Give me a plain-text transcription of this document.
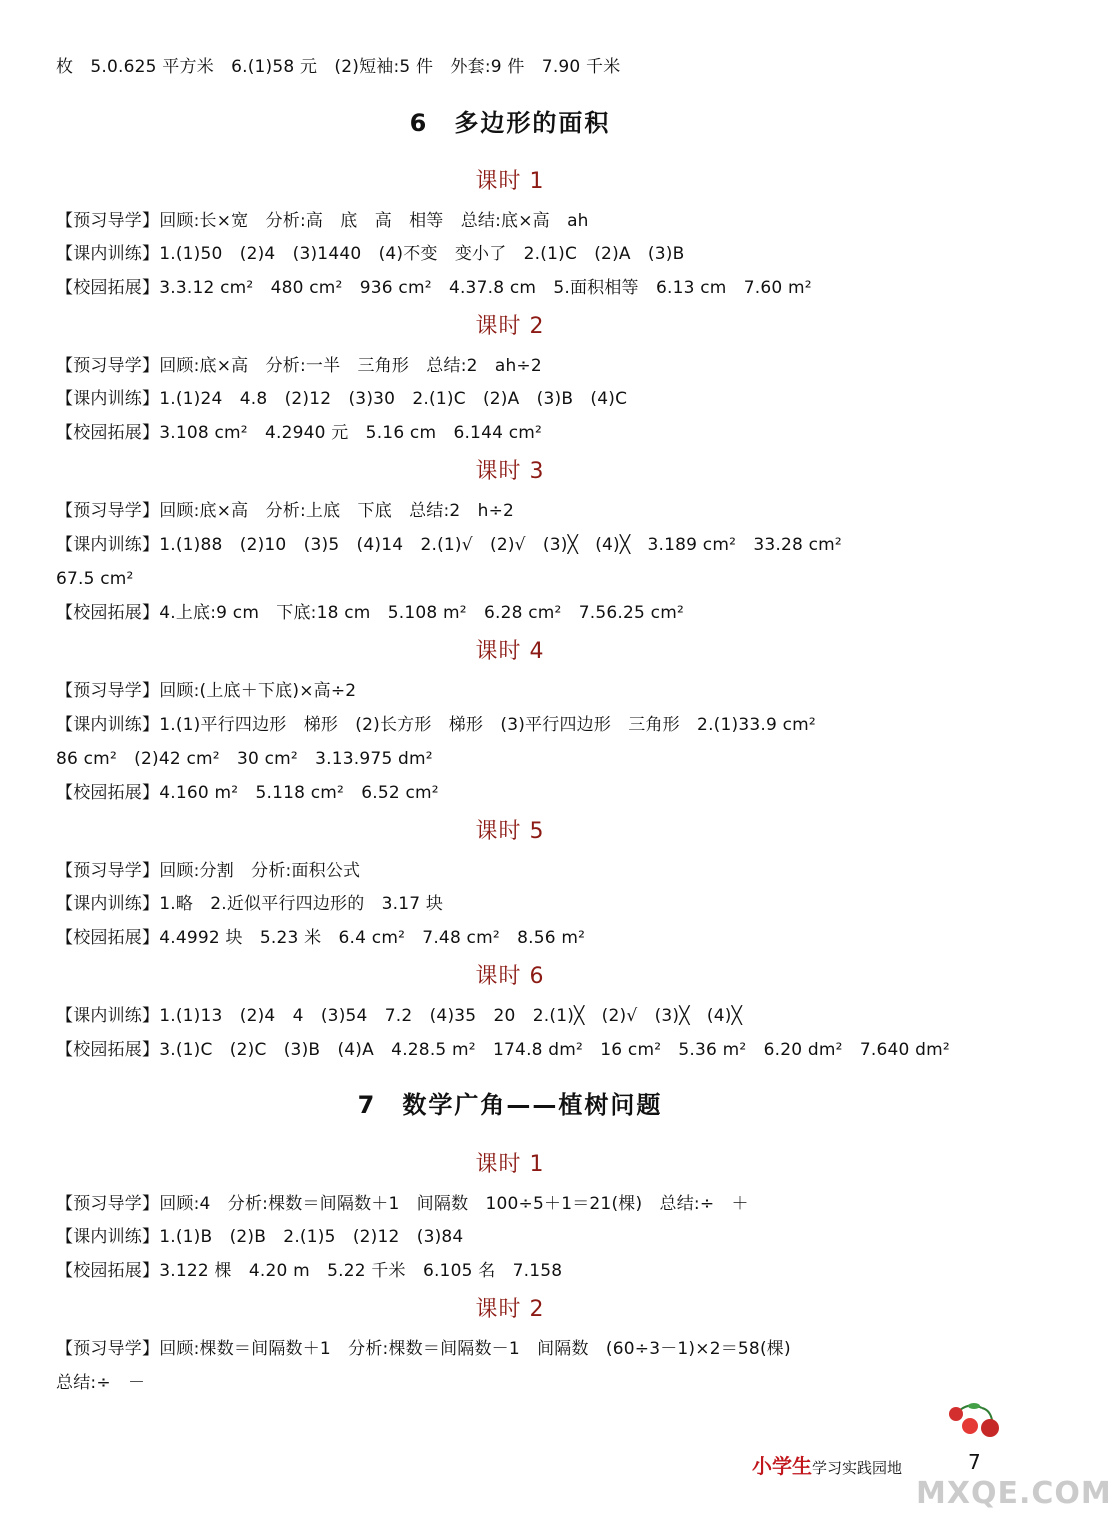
枚　5.0.625 平方米　6.(1)58 元　(2)短袖:5 件　外套:9 件　7.90 千米
6　多边形的面积
课时 1
【预习导学】回顾:长×宽　分析:高　底　高　相等　总结:底×高　ah
【课内训练】1.(1)50　(2)4　(3)1440　(4)不变　变小了　2.(1)C　(2)A　(3)B
【校园拓展】3.3.12 cm²　480 cm²　936 cm²　4.37.8 cm　5.面积相等　6.13 cm　7.60 m²
课时 2
【预习导学】回顾:底×高　分析:一半　三角形　总结:2　ah÷2
【课内训练】1.(1)24　4.8　(2)12　(3)30　2.(1)C　(2)A　(3)B　(4)C
【校园拓展】3.108 cm²　4.2940 元　5.16 cm　6.144 cm²
课时 3
【预习导学】回顾:底×高　分析:上底　下底　总结:2　h÷2
【课内训练】1.(1)88　(2)10　(3)5　(4)14　2.(1)√　(2)√　(3)╳　(4)╳　3.189 cm²　33.28 cm²
67.5 cm²
【校园拓展】4.上底:9 cm　下底:18 cm　5.108 m²　6.28 cm²　7.56.25 cm²
课时 4
【预习导学】回顾:(上底＋下底)×高÷2
【课内训练】1.(1)平行四边形　梯形　(2)长方形　梯形　(3)平行四边形　三角形　2.(1)33.9 cm²
86 cm²　(2)42 cm²　30 cm²　3.13.975 dm²
【校园拓展】4.160 m²　5.118 cm²　6.52 cm²
课时 5
【预习导学】回顾:分割　分析:面积公式
【课内训练】1.略　2.近似平行四边形的　3.17 块
【校园拓展】4.4992 块　5.23 米　6.4 cm²　7.48 cm²　8.56 m²
课时 6
【课内训练】1.(1)13　(2)4　4　(3)54　7.2　(4)35　20　2.(1)╳　(2)√　(3)╳　(4)╳
【校园拓展】3.(1)C　(2)C　(3)B　(4)A　4.28.5 m²　174.8 dm²　16 cm²　5.36 m²　6.20 dm²　7.640 dm²
7　数学广角——植树问题
课时 1
【预习导学】回顾:4　分析:棵数＝间隔数＋1　间隔数　100÷5＋1＝21(棵)　总结:÷　＋
【课内训练】1.(1)B　(2)B　2.(1)5　(2)12　(3)84
【校园拓展】3.122 棵　4.20 m　5.22 千米　6.105 名　7.158
课时 2
【预习导学】回顾:棵数＝间隔数＋1　分析:棵数＝间隔数－1　间隔数　(60÷3－1)×2＝58(棵)
总结:÷　－
小学生学习实践园地	7
MXQE.COM
